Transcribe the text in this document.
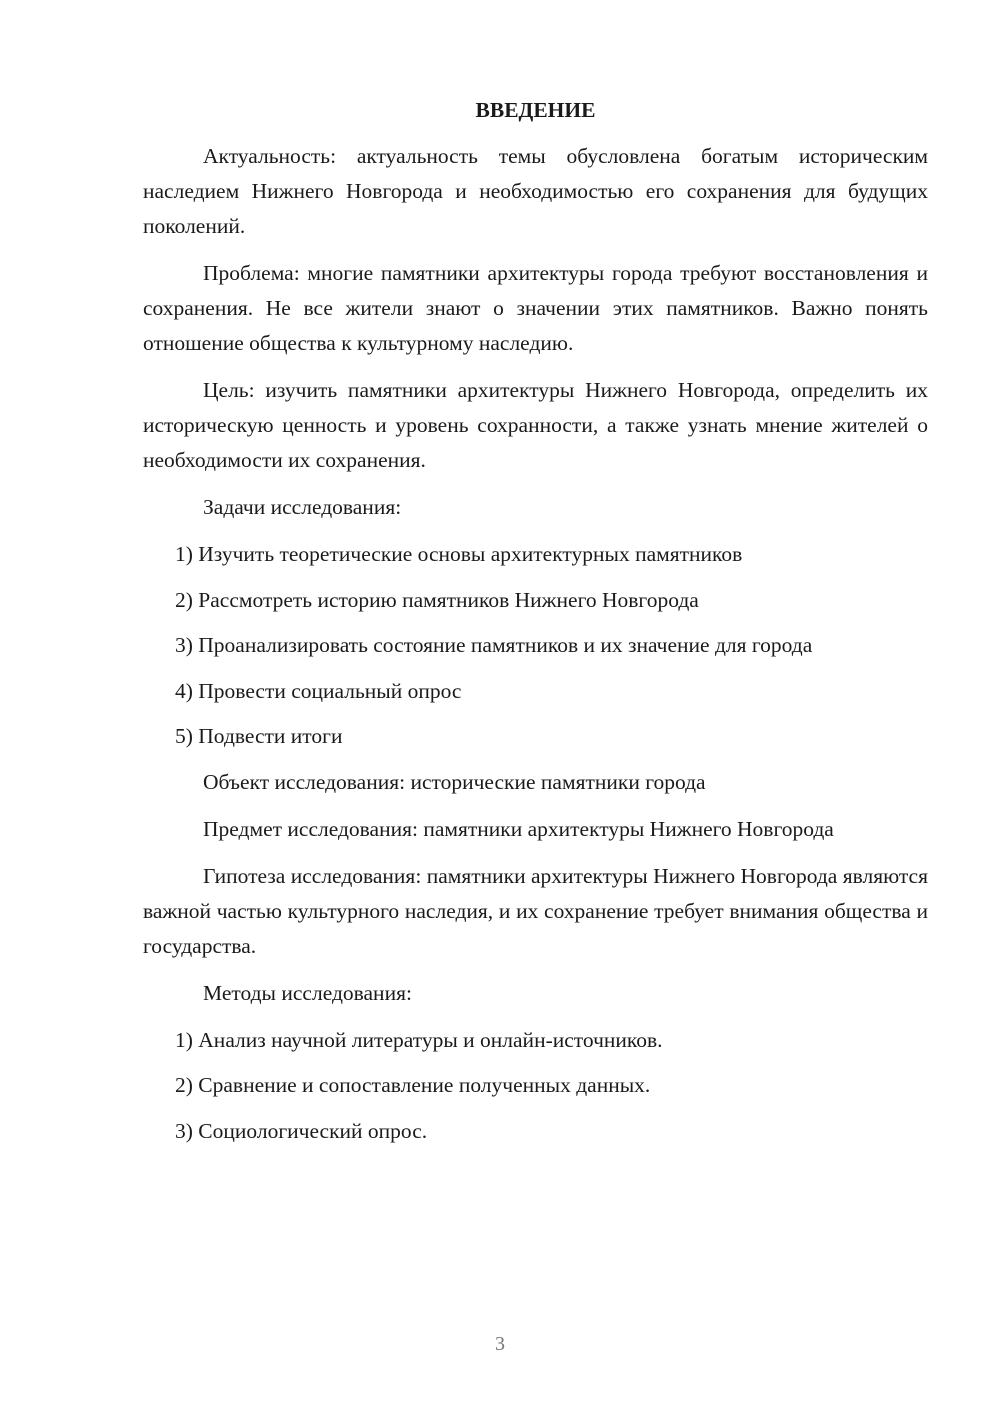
ВВЕДЕНИЕ

Актуальность: актуальность темы обусловлена богатым историческим наследием Нижнего Новгорода и необходимостью его сохранения для будущих поколений.

Проблема: многие памятники архитектуры города требуют восстановления и сохранения. Не все жители знают о значении этих памятников. Важно понять отношение общества к культурному наследию.

Цель: изучить памятники архитектуры Нижнего Новгорода, определить их историческую ценность и уровень сохранности, а также узнать мнение жителей о необходимости их сохранения.

Задачи исследования:

1) Изучить теоретические основы архитектурных памятников
2) Рассмотреть историю памятников Нижнего Новгорода
3) Проанализировать состояние памятников и их значение для города
4) Провести социальный опрос
5) Подвести итоги

Объект исследования: исторические памятники города

Предмет исследования: памятники архитектуры Нижнего Новгорода

Гипотеза исследования: памятники архитектуры Нижнего Новгорода являются важной частью культурного наследия, и их сохранение требует внимания общества и государства.

Методы исследования:

1) Анализ научной литературы и онлайн-источников.
2) Сравнение и сопоставление полученных данных.
3) Социологический опрос.
3
